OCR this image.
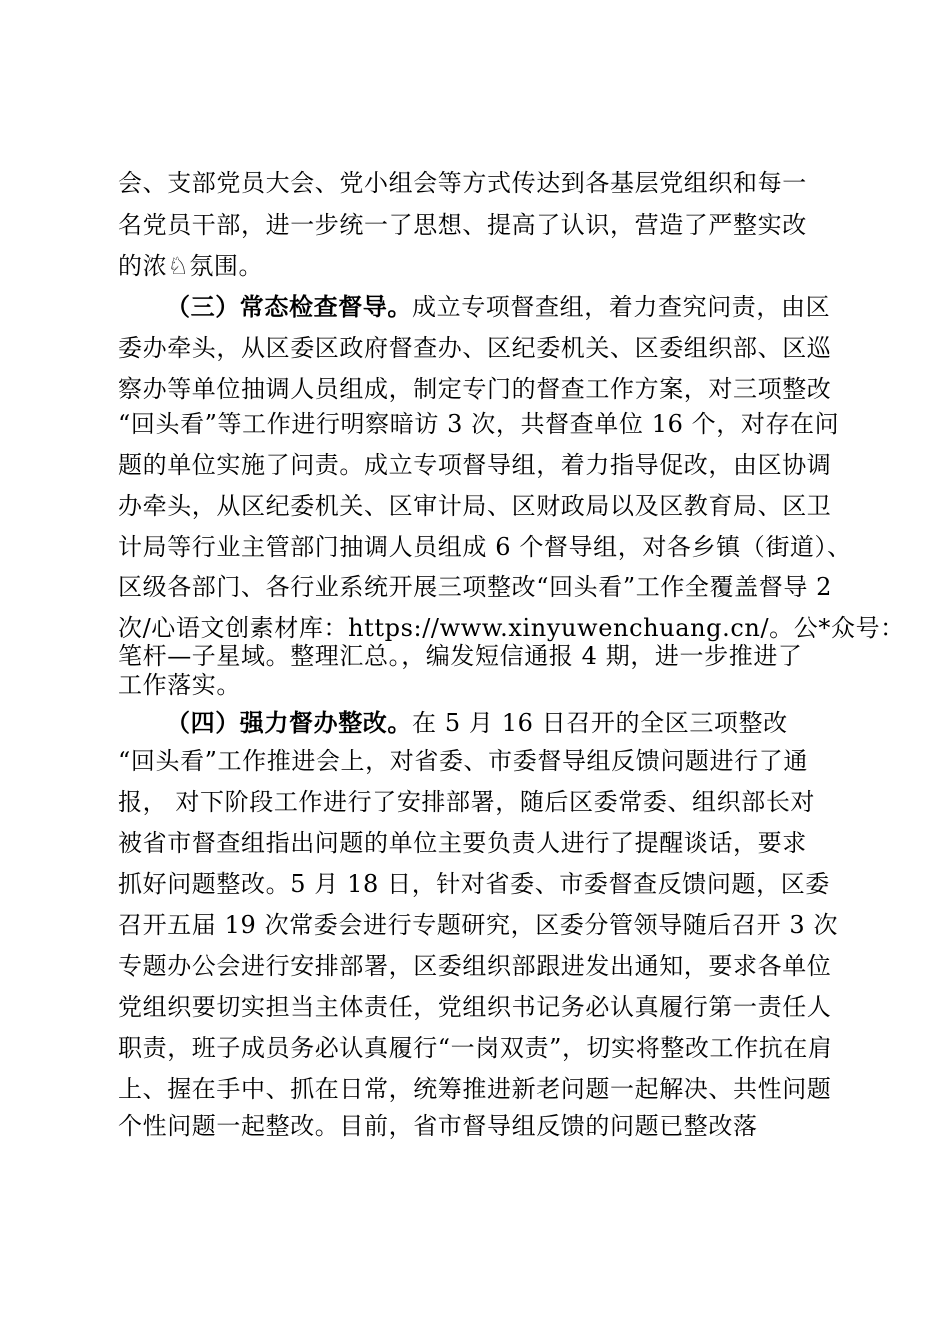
会、支部党员大会、党小组会等方式传达到各基层党组织和每一
名党员干部，进一步统一了思想、提高了认识，营造了严整实改
的浓♘氛围。
（三）常态检查督导。成立专项督查组，着力查究问责，由区
委办牵头，从区委区政府督查办、区纪委机关、区委组织部、区巡
察办等单位抽调人员组成，制定专门的督查工作方案，对三项整改
“回头看”等工作进行明察暗访 3 次，共督查单位 16 个，对存在问
题的单位实施了问责。成立专项督导组，着力指导促改，由区协调
办牵头，从区纪委机关、区审计局、区财政局以及区教育局、区卫
计局等行业主管部门抽调人员组成 6 个督导组，对各乡镇（街道）、
区级各部门、各行业系统开展三项整改“回头看”工作全覆盖督导 2
次/心语文创素材库：https://www.xinyuwenchuang.cn/。公*众号：
笔杆—子星域。整理汇总。，编发短信通报 4 期，进一步推进了
工作落实。
（四）强力督办整改。在 5 月 16 日召开的全区三项整改
“回头看”工作推进会上，对省委、市委督导组反馈问题进行了通
报， 对下阶段工作进行了安排部署，随后区委常委、组织部长对
被省市督查组指出问题的单位主要负责人进行了提醒谈话，要求
抓好问题整改。5 月 18 日，针对省委、市委督查反馈问题，区委
召开五届 19 次常委会进行专题研究，区委分管领导随后召开 3 次
专题办公会进行安排部署，区委组织部跟进发出通知，要求各单位
党组织要切实担当主体责任，党组织书记务必认真履行第一责任人
职责，班子成员务必认真履行“一岗双责”，切实将整改工作抗在肩
上、握在手中、抓在日常，统筹推进新老问题一起解决、共性问题
个性问题一起整改。目前，省市督导组反馈的问题已整改落
